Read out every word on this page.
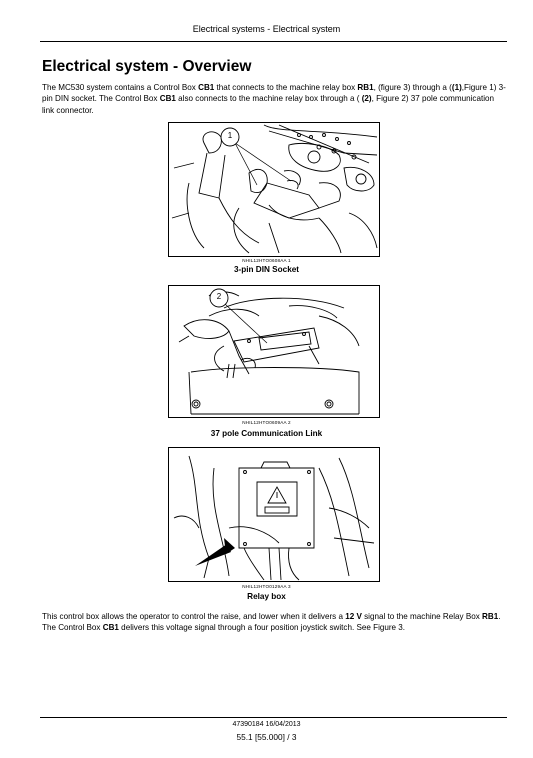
Electrical systems - Electrical system
Electrical system - Overview

The MC530 system contains a Control Box CB1 that connects to the machine relay box RB1, (figure 3) through a ((1),Figure 1) 3-pin DIN socket. The Control Box CB1 also connects to the machine relay box through a ( (2), Figure 2) 37 pole communication link connector.

1
NHIL12HTO0608AA 1
3-pin DIN Socket
2
NHIL12HTO0609AA 2
37 pole Communication Link
NHIL12HTO0129AA 3
Relay box

This control box allows the operator to control the raise, and lower when it delivers a 12 V signal to the machine Relay Box RB1. The Control Box CB1 delivers this voltage signal through a four position joystick switch. See Figure 3.

47390184 16/04/2013
55.1 [55.000] / 3
